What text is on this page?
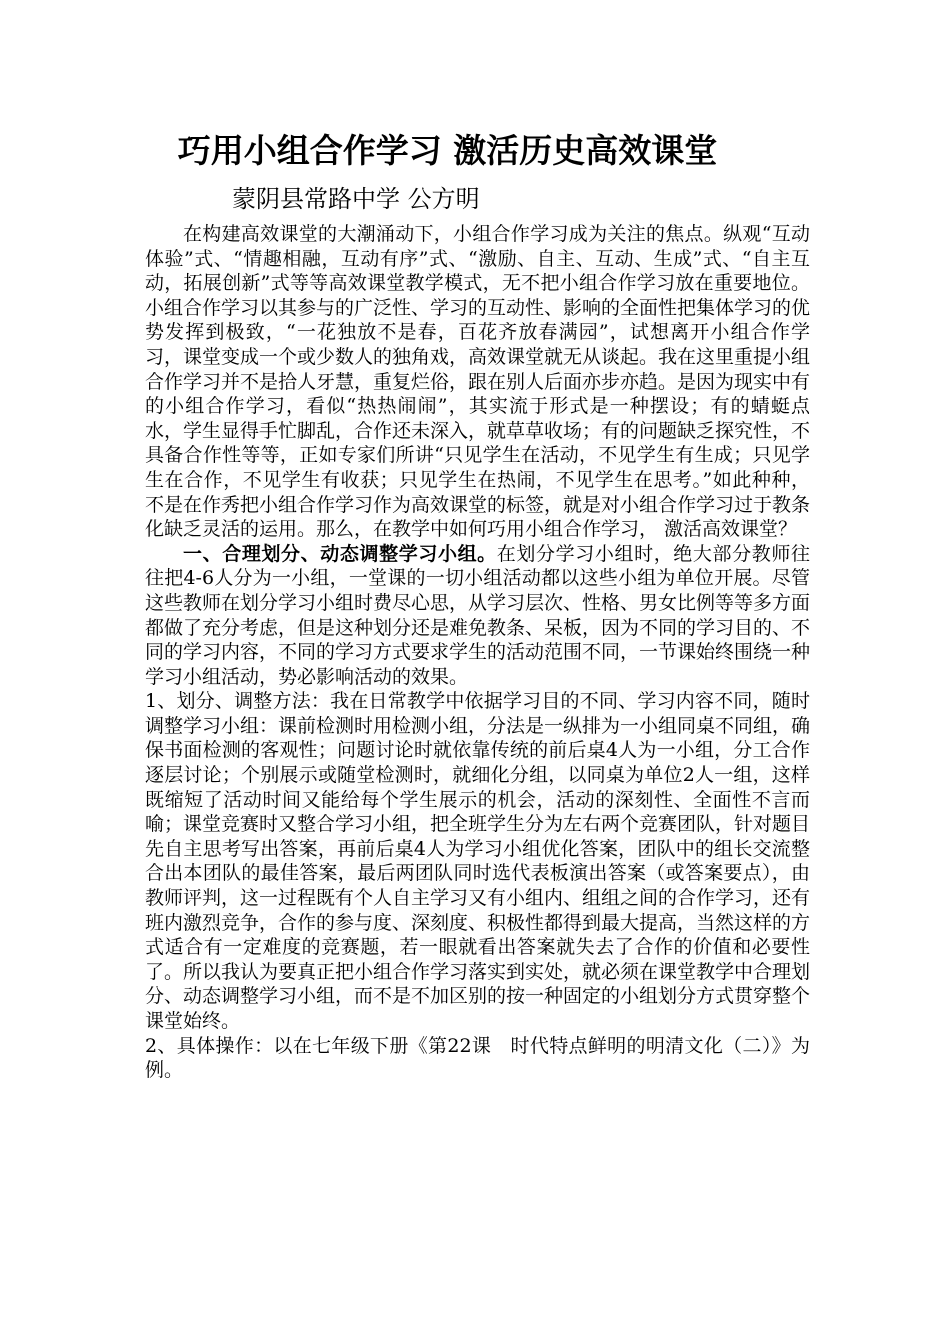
巧用小组合作学习 激活历史高效课堂

蒙阴县常路中学 公方明

在构建高效课堂的大潮涌动下，小组合作学习成为关注的焦点。纵观“互动体验”式、“情趣相融，互动有序”式、“激励、自主、互动、生成”式、“自主互动，拓展创新”式等等高效课堂教学模式，无不把小组合作学习放在重要地位。小组合作学习以其参与的广泛性、学习的互动性、影响的全面性把集体学习的优势发挥到极致，“一花独放不是春，百花齐放春满园”，试想离开小组合作学习，课堂变成一个或少数人的独角戏，高效课堂就无从谈起。我在这里重提小组合作学习并不是拾人牙慧，重复烂俗，跟在别人后面亦步亦趋。是因为现实中有的小组合作学习，看似“热热闹闹”，其实流于形式是一种摆设；有的蜻蜓点水，学生显得手忙脚乱，合作还未深入，就草草收场；有的问题缺乏探究性，不具备合作性等等，正如专家们所讲“只见学生在活动，不见学生有生成；只见学生在合作，不见学生有收获；只见学生在热闹，不见学生在思考。”如此种种，不是在作秀把小组合作学习作为高效课堂的标签，就是对小组合作学习过于教条化缺乏灵活的运用。那么，在教学中如何巧用小组合作学习， 激活高效课堂？

一、合理划分、动态调整学习小组。在划分学习小组时，绝大部分教师往往把4-6人分为一小组，一堂课的一切小组活动都以这些小组为单位开展。尽管这些教师在划分学习小组时费尽心思，从学习层次、性格、男女比例等等多方面都做了充分考虑，但是这种划分还是难免教条、呆板，因为不同的学习目的、不同的学习内容，不同的学习方式要求学生的活动范围不同，一节课始终围绕一种学习小组活动，势必影响活动的效果。

1、划分、调整方法：我在日常教学中依据学习目的不同、学习内容不同，随时调整学习小组：课前检测时用检测小组，分法是一纵排为一小组同桌不同组，确保书面检测的客观性；问题讨论时就依靠传统的前后桌4人为一小组，分工合作逐层讨论；个别展示或随堂检测时，就细化分组，以同桌为单位2人一组，这样既缩短了活动时间又能给每个学生展示的机会，活动的深刻性、全面性不言而喻；课堂竞赛时又整合学习小组，把全班学生分为左右两个竞赛团队，针对题目先自主思考写出答案，再前后桌4人为学习小组优化答案，团队中的组长交流整合出本团队的最佳答案，最后两团队同时选代表板演出答案（或答案要点），由教师评判，这一过程既有个人自主学习又有小组内、组组之间的合作学习，还有班内激烈竞争，合作的参与度、深刻度、积极性都得到最大提高，当然这样的方式适合有一定难度的竞赛题，若一眼就看出答案就失去了合作的价值和必要性了。所以我认为要真正把小组合作学习落实到实处，就必须在课堂教学中合理划分、动态调整学习小组，而不是不加区别的按一种固定的小组划分方式贯穿整个课堂始终。

2、具体操作：以在七年级下册《第22课　时代特点鲜明的明清文化（二）》为例。
